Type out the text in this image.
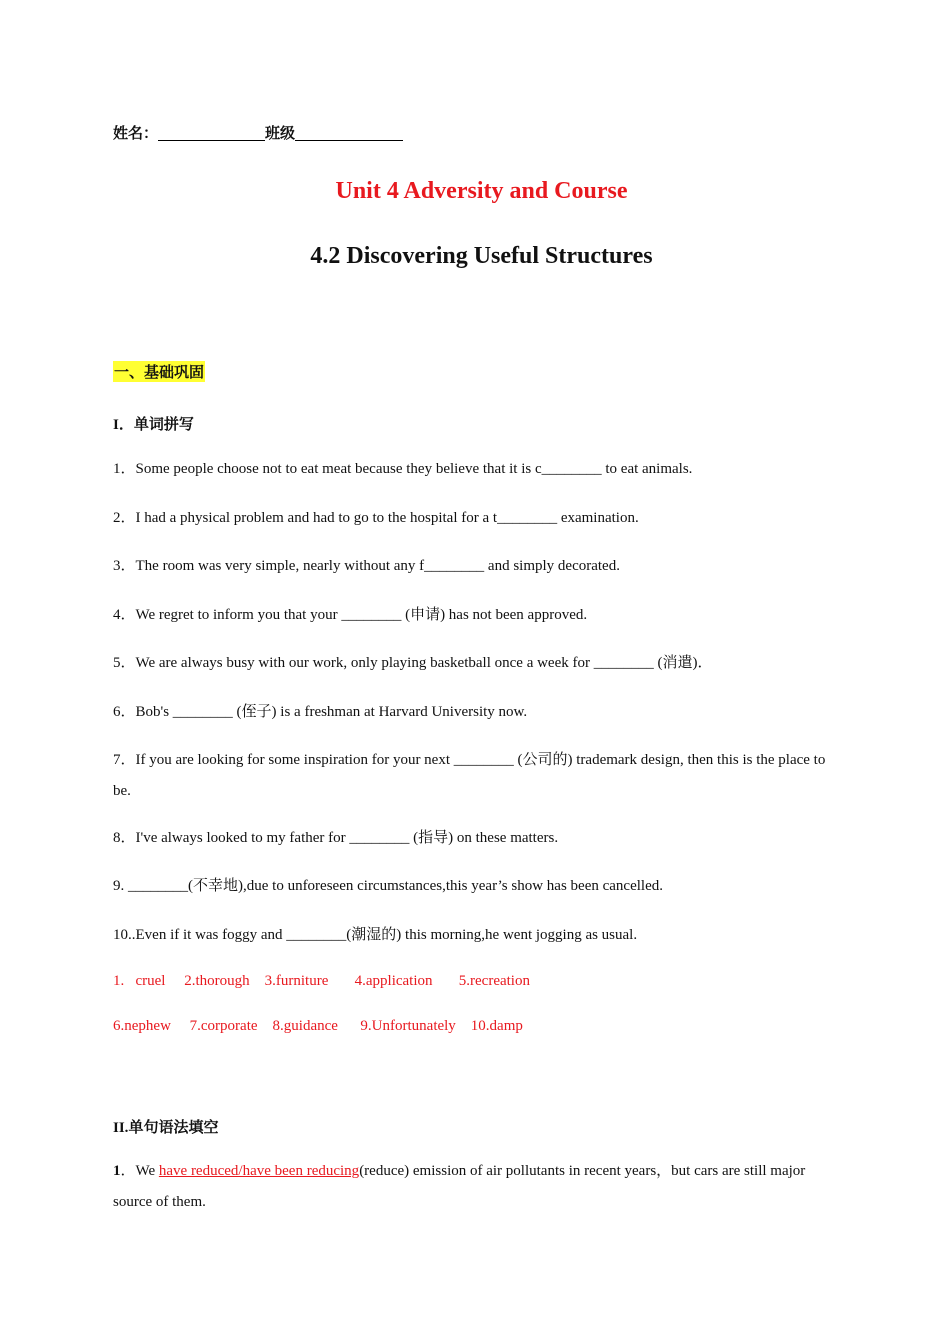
姓名：	班级
Unit 4 Adversity and Course
4.2 Discovering Useful Structures
一、基础巩固
I．单词拼写
1．Some people choose not to eat meat because they believe that it is c________ to eat animals.
2．I had a physical problem and had to go to the hospital for a t________ examination.
3．The room was very simple, nearly without any f________ and simply decorated.
4．We regret to inform you that your ________ (申请) has not been approved.
5．We are always busy with our work, only playing basketball once a week for ________ (消遣)．
6．Bob's ________ (侄子) is a freshman at Harvard University now.
7．If you are looking for some inspiration for your next ________ (公司的) trademark design, then this is the place to be.
8．I've always looked to my father for ________ (指导) on these matters.
9. ________(不幸地),due to unforeseen circumstances,this year’s show has been cancelled.
10..Even if it was foggy and ________(潮湿的) this morning,he went jogging as usual.
1.   cruel     2.thorough    3.furniture       4.application       5.recreation
6.nephew     7.corporate    8.guidance      9.Unfortunately    10.damp
II.单句语法填空
1．We have reduced/have been reducing(reduce) emission of air pollutants in recent years，but cars are still major source of them.
